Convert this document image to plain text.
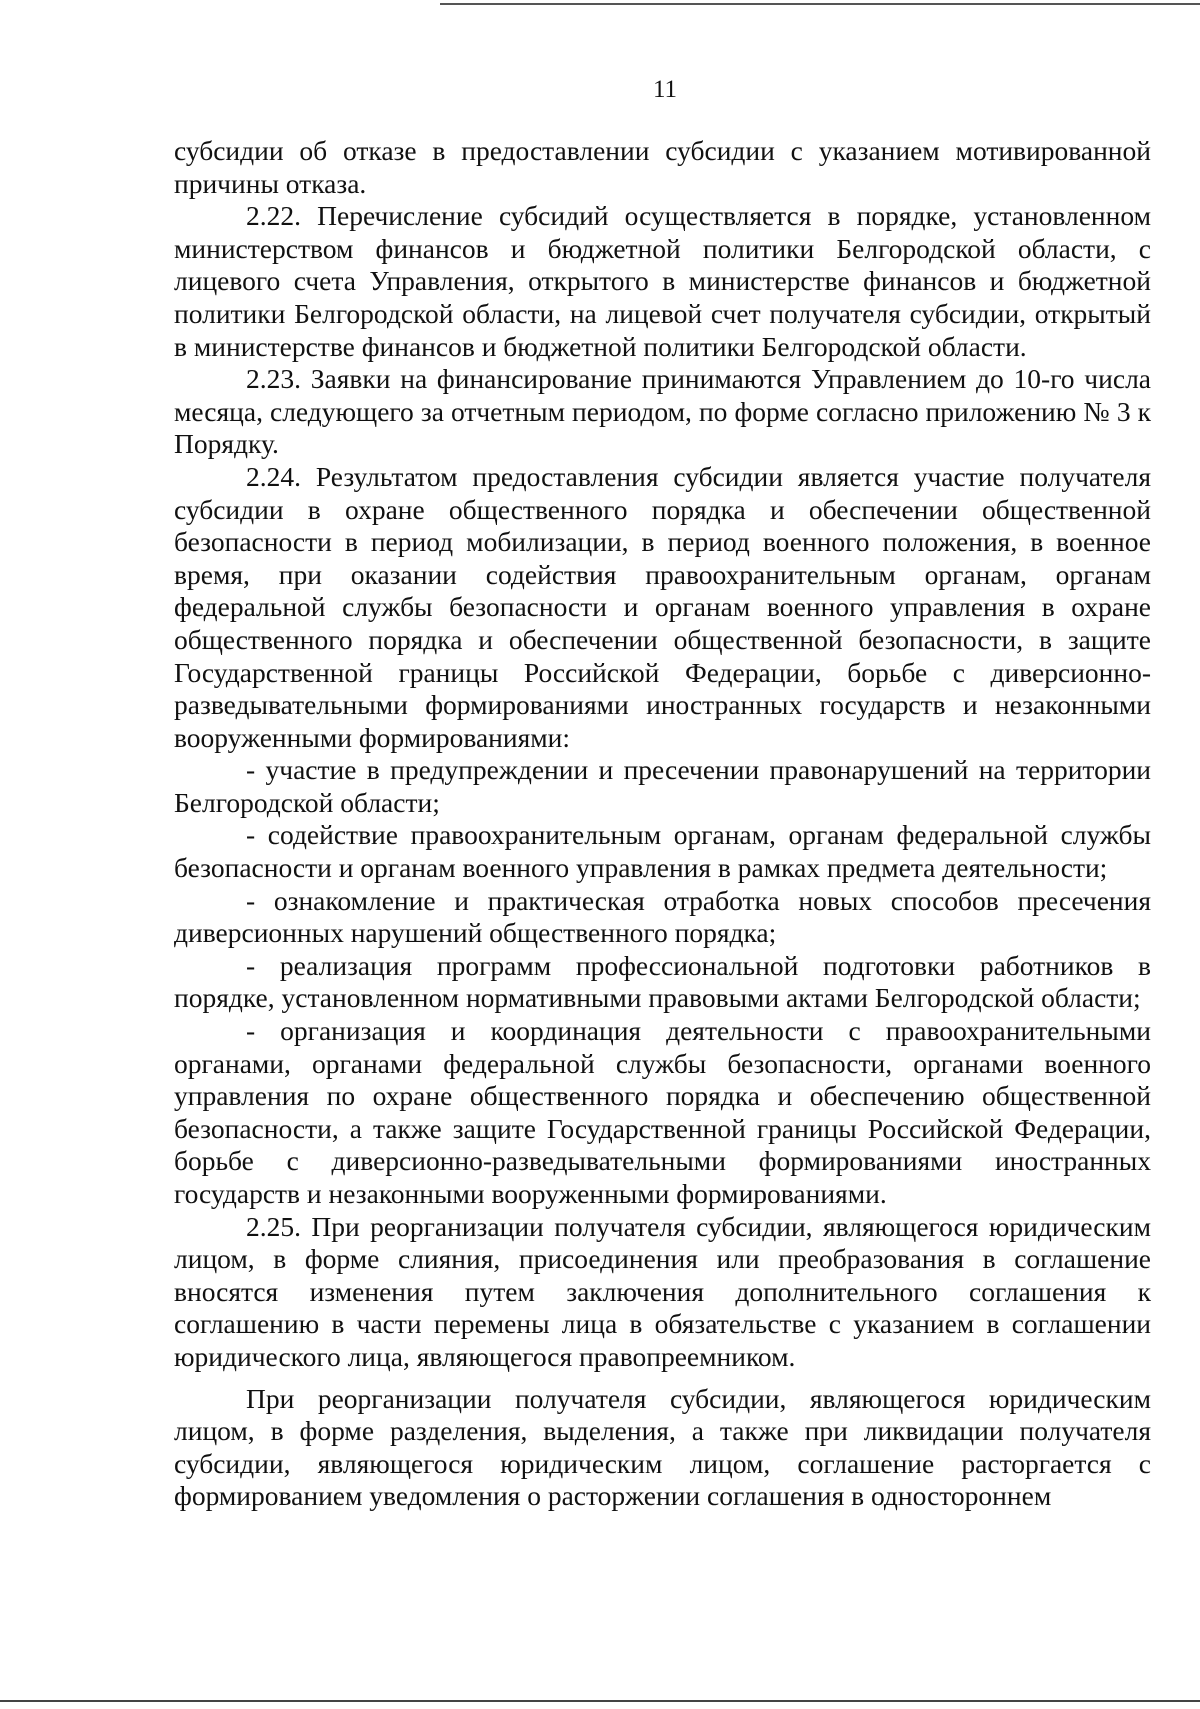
11

субсидии об отказе в предоставлении субсидии с указанием мотивированной причины отказа.

2.22. Перечисление субсидий осуществляется в порядке, установленном министерством финансов и бюджетной политики Белгородской области, с лицевого счета Управления, открытого в министерстве финансов и бюджетной политики Белгородской области, на лицевой счет получателя субсидии, открытый в министерстве финансов и бюджетной политики Белгородской области.

2.23. Заявки на финансирование принимаются Управлением до 10-го числа месяца, следующего за отчетным периодом, по форме согласно приложению № 3 к Порядку.

2.24. Результатом предоставления субсидии является участие получателя субсидии в охране общественного порядка и обеспечении общественной безопасности в период мобилизации, в период военного положения, в военное время, при оказании содействия правоохранительным органам, органам федеральной службы безопасности и органам военного управления в охране общественного порядка и обеспечении общественной безопасности, в защите Государственной границы Российской Федерации, борьбе с диверсионно-разведывательными формированиями иностранных государств и незаконными вооруженными формированиями:

- участие в предупреждении и пресечении правонарушений на территории Белгородской области;

- содействие правоохранительным органам, органам федеральной службы безопасности и органам военного управления в рамках предмета деятельности;

- ознакомление и практическая отработка новых способов пресечения диверсионных нарушений общественного порядка;

- реализация программ профессиональной подготовки работников в порядке, установленном нормативными правовыми актами Белгородской области;

- организация и координация деятельности с правоохранительными органами, органами федеральной службы безопасности, органами военного управления по охране общественного порядка и обеспечению общественной безопасности, а также защите Государственной границы Российской Федерации, борьбе с диверсионно-разведывательными формированиями иностранных государств и незаконными вооруженными формированиями.

2.25. При реорганизации получателя субсидии, являющегося юридическим лицом, в форме слияния, присоединения или преобразования в соглашение вносятся изменения путем заключения дополнительного соглашения к соглашению в части перемены лица в обязательстве с указанием в соглашении юридического лица, являющегося правопреемником.

При реорганизации получателя субсидии, являющегося юридическим лицом, в форме разделения, выделения, а также при ликвидации получателя субсидии, являющегося юридическим лицом, соглашение расторгается с формированием уведомления о расторжении соглашения в одностороннем
